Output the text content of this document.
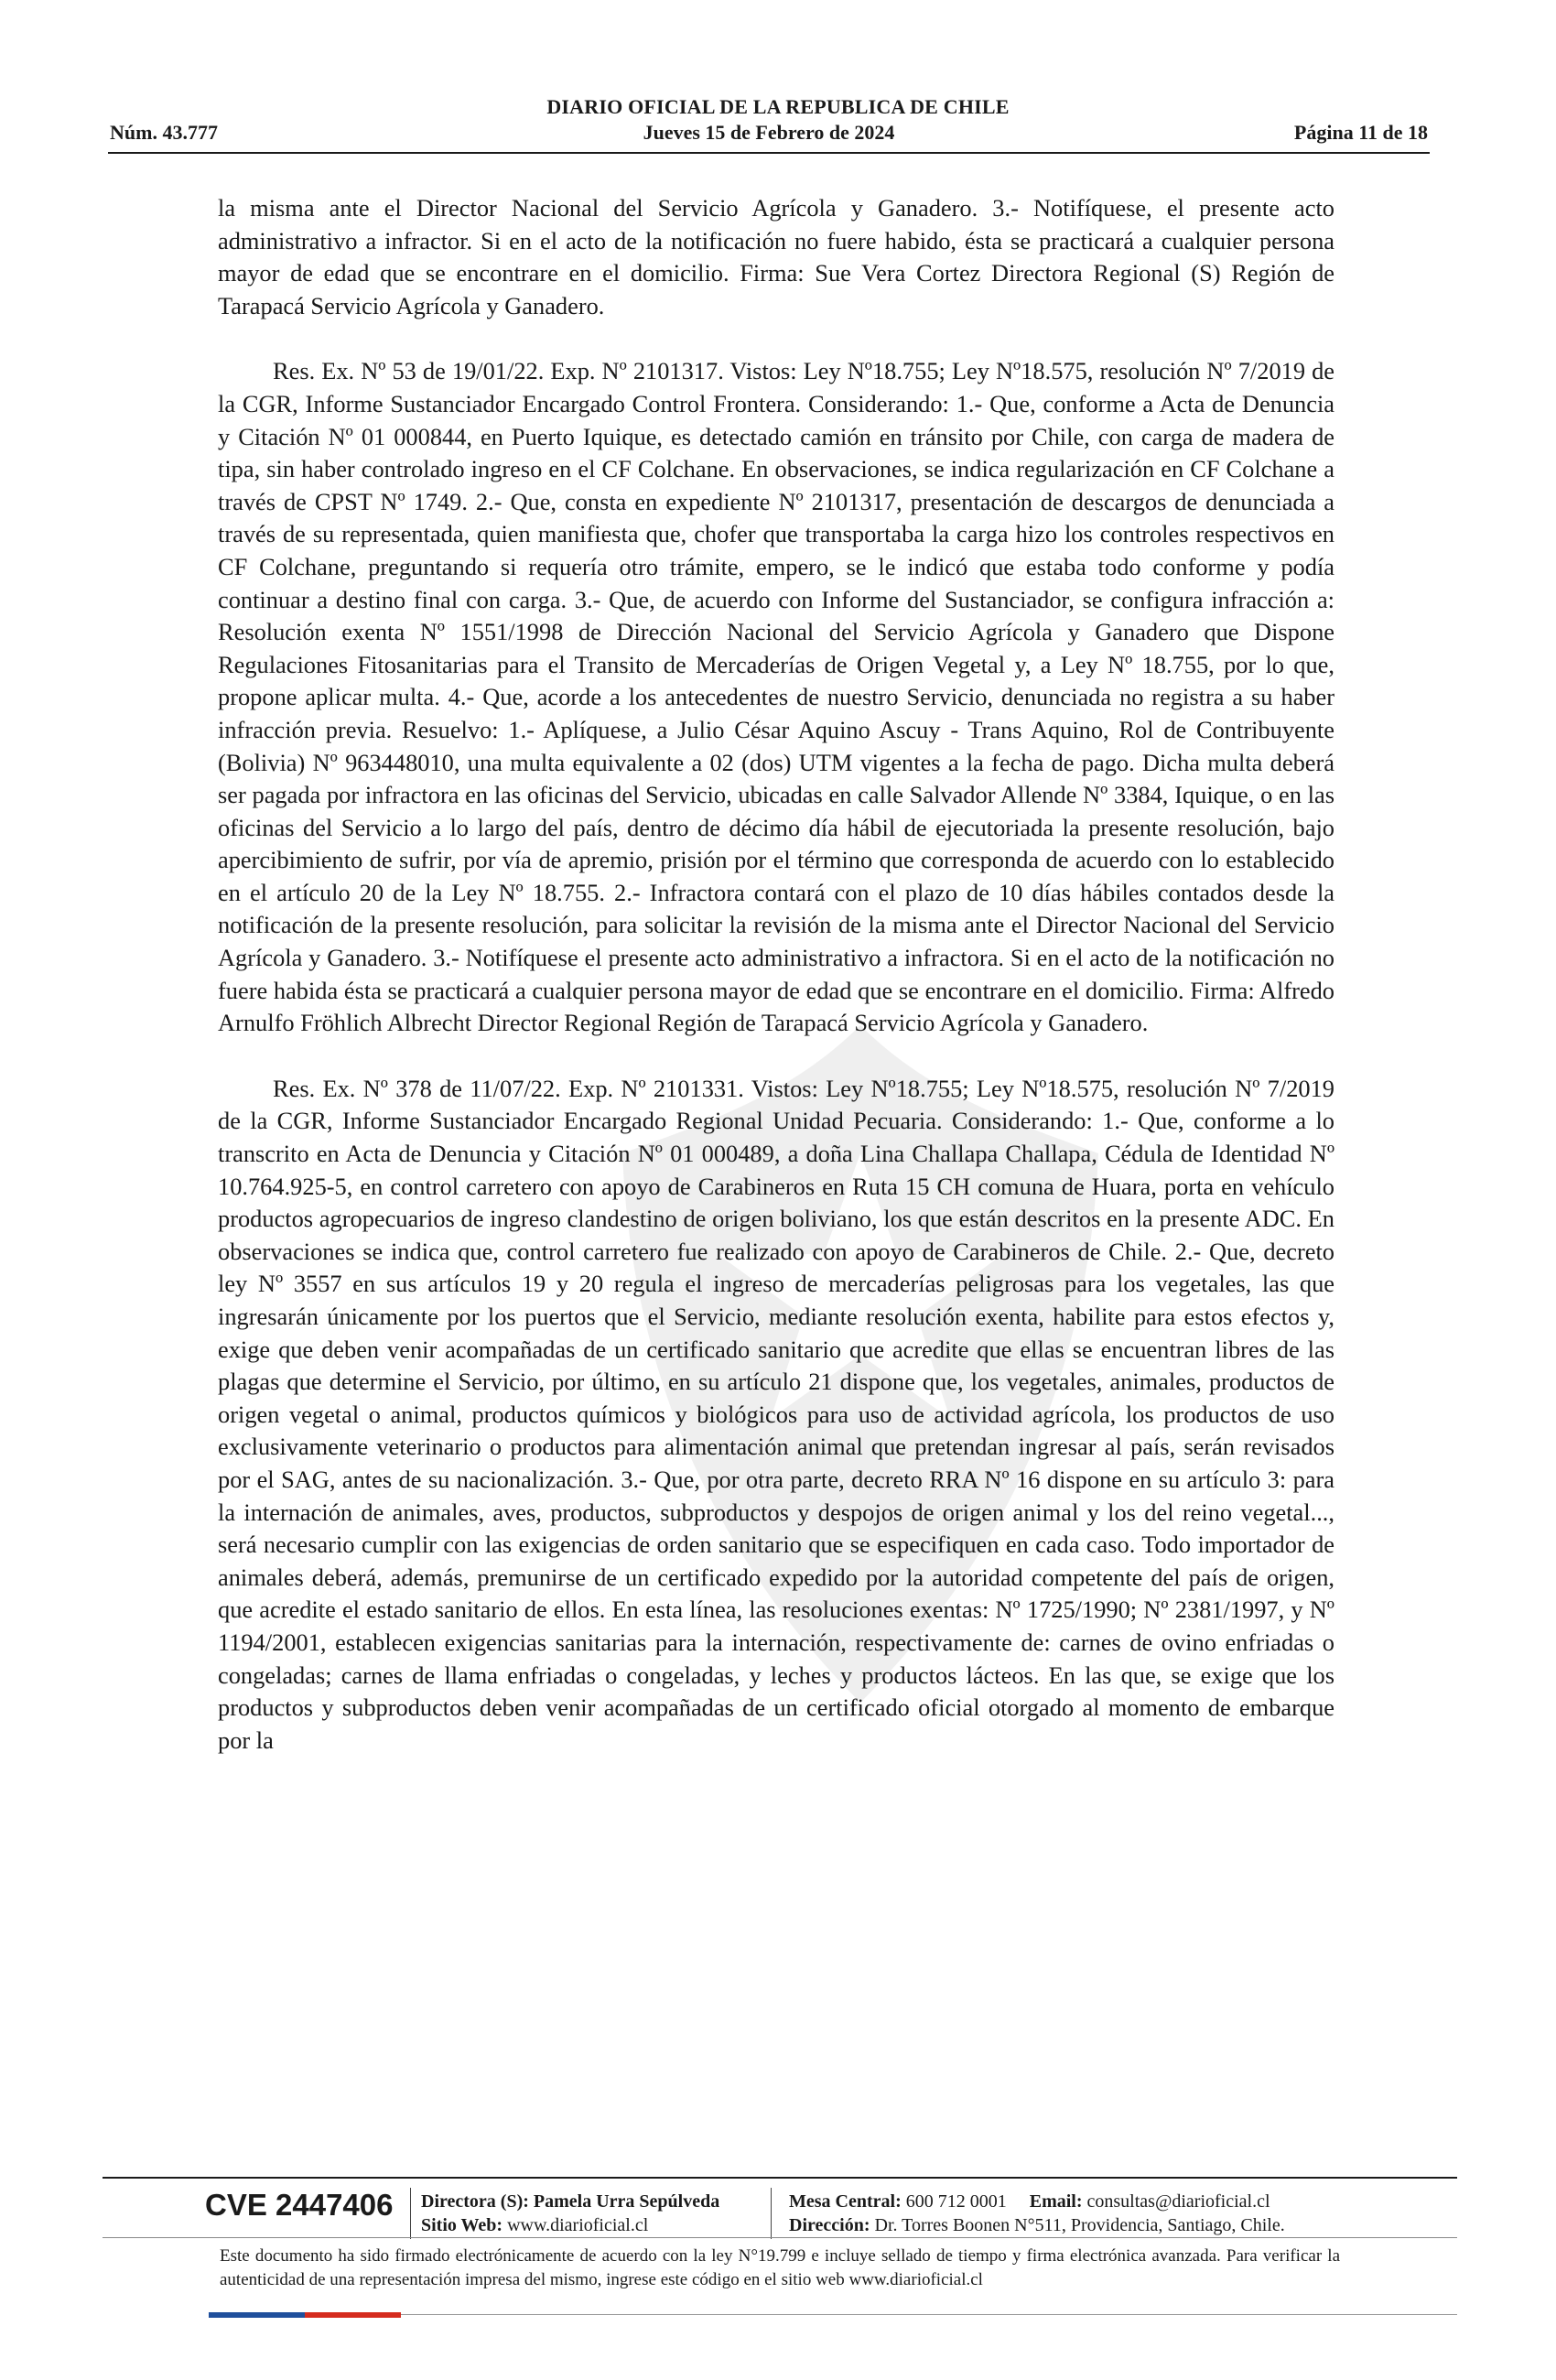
DIARIO OFICIAL DE LA REPUBLICA DE CHILE
Jueves 15 de Febrero de 2024
Núm. 43.777	Página 11 de 18

la misma ante el Director Nacional del Servicio Agrícola y Ganadero. 3.- Notifíquese, el presente acto administrativo a infractor. Si en el acto de la notificación no fuere habido, ésta se practicará a cualquier persona mayor de edad que se encontrare en el domicilio. Firma: Sue Vera Cortez Directora Regional (S) Región de Tarapacá Servicio Agrícola y Ganadero.

Res. Ex. Nº 53 de 19/01/22. Exp. Nº 2101317. Vistos: Ley Nº18.755; Ley Nº18.575, resolución Nº 7/2019 de la CGR, Informe Sustanciador Encargado Control Frontera. Considerando: 1.- Que, conforme a Acta de Denuncia y Citación Nº 01 000844, en Puerto Iquique, es detectado camión en tránsito por Chile, con carga de madera de tipa, sin haber controlado ingreso en el CF Colchane. En observaciones, se indica regularización en CF Colchane a través de CPST Nº 1749. 2.- Que, consta en expediente Nº 2101317, presentación de descargos de denunciada a través de su representada, quien manifiesta que, chofer que transportaba la carga hizo los controles respectivos en CF Colchane, preguntando si requería otro trámite, empero, se le indicó que estaba todo conforme y podía continuar a destino final con carga. 3.- Que, de acuerdo con Informe del Sustanciador, se configura infracción a: Resolución exenta Nº 1551/1998 de Dirección Nacional del Servicio Agrícola y Ganadero que Dispone Regulaciones Fitosanitarias para el Transito de Mercaderías de Origen Vegetal y, a Ley Nº 18.755, por lo que, propone aplicar multa. 4.- Que, acorde a los antecedentes de nuestro Servicio, denunciada no registra a su haber infracción previa. Resuelvo: 1.- Aplíquese, a Julio César Aquino Ascuy - Trans Aquino, Rol de Contribuyente (Bolivia) Nº 963448010, una multa equivalente a 02 (dos) UTM vigentes a la fecha de pago. Dicha multa deberá ser pagada por infractora en las oficinas del Servicio, ubicadas en calle Salvador Allende Nº 3384, Iquique, o en las oficinas del Servicio a lo largo del país, dentro de décimo día hábil de ejecutoriada la presente resolución, bajo apercibimiento de sufrir, por vía de apremio, prisión por el término que corresponda de acuerdo con lo establecido en el artículo 20 de la Ley Nº 18.755. 2.- Infractora contará con el plazo de 10 días hábiles contados desde la notificación de la presente resolución, para solicitar la revisión de la misma ante el Director Nacional del Servicio Agrícola y Ganadero. 3.- Notifíquese el presente acto administrativo a infractora. Si en el acto de la notificación no fuere habida ésta se practicará a cualquier persona mayor de edad que se encontrare en el domicilio. Firma: Alfredo Arnulfo Fröhlich Albrecht Director Regional Región de Tarapacá Servicio Agrícola y Ganadero.

Res. Ex. Nº 378 de 11/07/22. Exp. Nº 2101331. Vistos: Ley Nº18.755; Ley Nº18.575, resolución Nº 7/2019 de la CGR, Informe Sustanciador Encargado Regional Unidad Pecuaria. Considerando: 1.- Que, conforme a lo transcrito en Acta de Denuncia y Citación Nº 01 000489, a doña Lina Challapa Challapa, Cédula de Identidad Nº 10.764.925-5, en control carretero con apoyo de Carabineros en Ruta 15 CH comuna de Huara, porta en vehículo productos agropecuarios de ingreso clandestino de origen boliviano, los que están descritos en la presente ADC. En observaciones se indica que, control carretero fue realizado con apoyo de Carabineros de Chile. 2.- Que, decreto ley Nº 3557 en sus artículos 19 y 20 regula el ingreso de mercaderías peligrosas para los vegetales, las que ingresarán únicamente por los puertos que el Servicio, mediante resolución exenta, habilite para estos efectos y, exige que deben venir acompañadas de un certificado sanitario que acredite que ellas se encuentran libres de las plagas que determine el Servicio, por último, en su artículo 21 dispone que, los vegetales, animales, productos de origen vegetal o animal, productos químicos y biológicos para uso de actividad agrícola, los productos de uso exclusivamente veterinario o productos para alimentación animal que pretendan ingresar al país, serán revisados por el SAG, antes de su nacionalización. 3.- Que, por otra parte, decreto RRA Nº 16 dispone en su artículo 3: para la internación de animales, aves, productos, subproductos y despojos de origen animal y los del reino vegetal..., será necesario cumplir con las exigencias de orden sanitario que se especifiquen en cada caso. Todo importador de animales deberá, además, premunirse de un certificado expedido por la autoridad competente del país de origen, que acredite el estado sanitario de ellos. En esta línea, las resoluciones exentas: Nº 1725/1990; Nº 2381/1997, y Nº 1194/2001, establecen exigencias sanitarias para la internación, respectivamente de: carnes de ovino enfriadas o congeladas; carnes de llama enfriadas o congeladas, y leches y productos lácteos. En las que, se exige que los productos y subproductos deben venir acompañadas de un certificado oficial otorgado al momento de embarque por la

CVE 2447406 Directora (S): Pamela Urra Sepúlveda
Sitio Web: www.diarioficial.cl
Mesa Central: 600 712 0001 Email: consultas@diarioficial.cl
Dirección: Dr. Torres Boonen N°511, Providencia, Santiago, Chile.
Este documento ha sido firmado electrónicamente de acuerdo con la ley N°19.799 e incluye sellado de tiempo y firma electrónica avanzada. Para verificar la autenticidad de una representación impresa del mismo, ingrese este código en el sitio web www.diarioficial.cl
